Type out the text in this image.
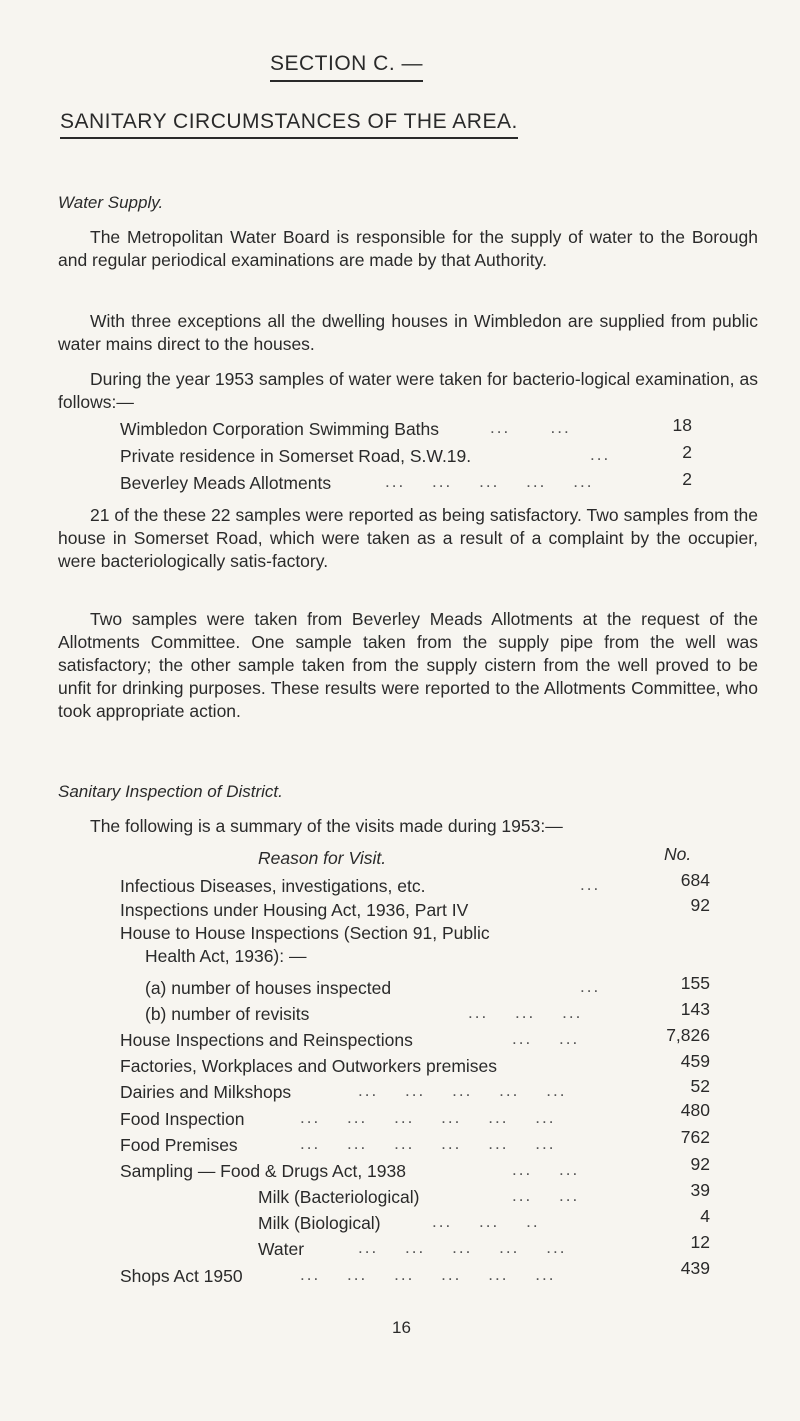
SECTION C. —
SANITARY CIRCUMSTANCES OF THE AREA.
Water Supply.
The Metropolitan Water Board is responsible for the supply of water to the Borough and regular periodical examinations are made by that Authority.
With three exceptions all the dwelling houses in Wimbledon are supplied from public water mains direct to the houses.
During the year 1953 samples of water were taken for bacterio-logical examination, as follows:—
Wimbledon Corporation Swimming Baths	...      ...	18
Private residence in Somerset Road, S.W.19.	...	2
Beverley Meads Allotments	...    ...    ...    ...    ...	2
21 of the these 22 samples were reported as being satisfactory. Two samples from the house in Somerset Road, which were taken as a result of a complaint by the occupier, were bacteriologically satis-factory.
Two samples were taken from Beverley Meads Allotments at the request of the Allotments Committee. One sample taken from the supply pipe from the well was satisfactory; the other sample taken from the supply cistern from the well proved to be unfit for drinking purposes. These results were reported to the Allotments Committee, who took appropriate action.
Sanitary Inspection of District.
The following is a summary of the visits made during 1953:—
Reason for Visit.	No.
Infectious Diseases, investigations, etc.	...	684
Inspections under Housing Act, 1936, Part IV	92
House to House Inspections (Section 91, Public
Health Act, 1936): —
(a) number of houses inspected	...	155
(b) number of revisits	...    ...    ...	143
House Inspections and Reinspections	...    ...	7,826
Factories, Workplaces and Outworkers premises	459
Dairies and Milkshops	...    ...    ...    ...    ...	52
Food Inspection	...    ...    ...    ...    ...    ...	480
Food Premises	...    ...    ...    ...    ...    ...	762
Sampling — Food & Drugs Act, 1938	...    ...	92
Milk (Bacteriological)	...    ...	39
Milk (Biological)	...    ...    ..	4
Water	...    ...    ...    ...    ...	12
Shops Act 1950	...    ...    ...    ...    ...    ...	439
16
